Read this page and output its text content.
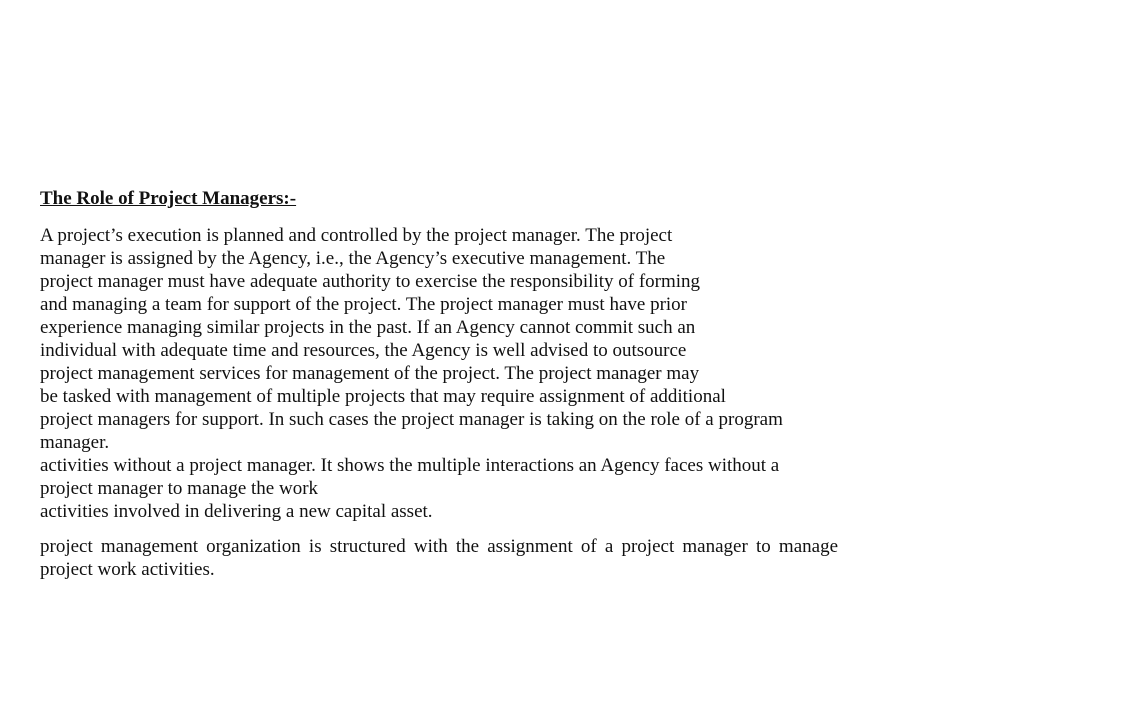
The Role of Project Managers:-
A project’s execution is planned and controlled by the project manager. The project
manager is assigned by the Agency, i.e., the Agency’s executive management. The
project manager must have adequate authority to exercise the responsibility of forming
and managing a team for support of the project. The project manager must have prior
experience managing similar projects in the past. If an Agency cannot commit such an
individual with adequate time and resources, the Agency is well advised to outsource
project management services for management of the project. The project manager may
be tasked with management of multiple projects that may require assignment of additional
project managers for support. In such cases the project manager is taking on the role of a program
manager.
activities without a project manager. It shows the multiple interactions an Agency faces without a
project manager to manage the work
activities involved in delivering a new capital asset.

project management organization is structured with the assignment of a project manager to manage project work activities.
